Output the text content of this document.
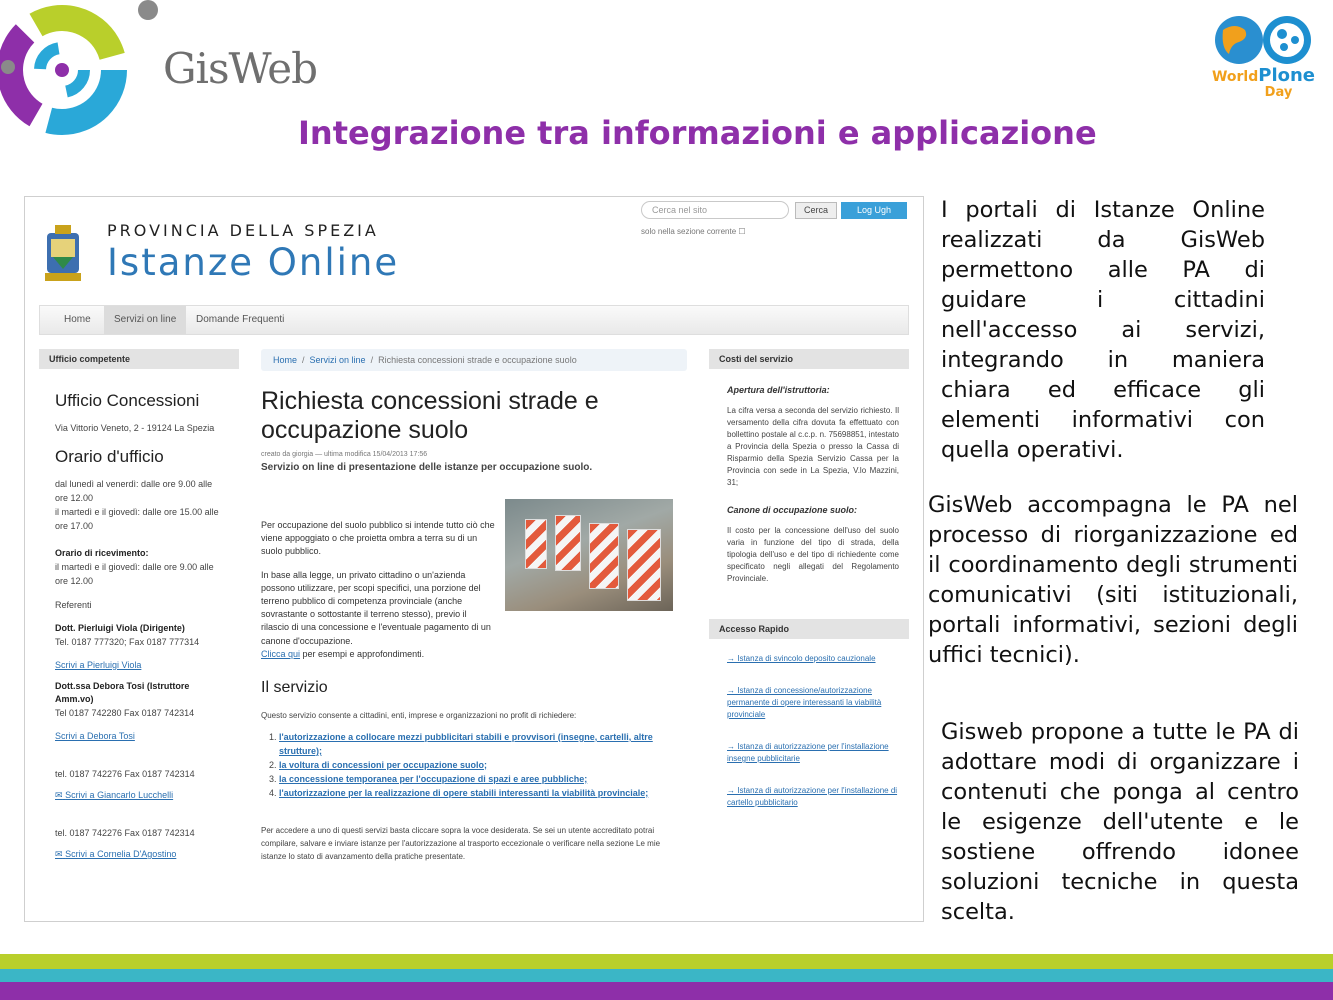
GisWeb	WorldPlone
Day
Integrazione tra informazioni e applicazione
PROVINCIA DELLA SPEZIA
Istanze Online
Cerca nel sito	Cerca	Log Ugh
solo nella sezione corrente ☐
Home	Servizi on line	Domande Frequenti
Ufficio competente
Ufficio Concessioni
Via Vittorio Veneto, 2 - 19124 La Spezia
Orario d'ufficio
dal lunedì al venerdì: dalle ore 9.00 alle ore 12.00
il martedì e il giovedì: dalle ore 15.00 alle ore 17.00
Orario di ricevimento:
il martedì e il giovedì: dalle ore 9.00 alle ore 12.00
Referenti
Dott. Pierluigi Viola (Dirigente)
Tel. 0187 777320; Fax 0187 777314
Scrivi a Pierluigi Viola
Dott.ssa Debora Tosi (Istruttore Amm.vo)
Tel 0187 742280 Fax 0187 742314
Scrivi a Debora Tosi
tel. 0187 742276 Fax 0187 742314
✉ Scrivi a Giancarlo Lucchelli
tel. 0187 742276 Fax 0187 742314
✉ Scrivi a Cornelia D'Agostino
Home  /  Servizi on line  /  Richiesta concessioni strade e occupazione suolo
Richiesta concessioni strade e occupazione suolo
creato da giorgia — ultima modifica 15/04/2013 17:56
Servizio on line di presentazione delle istanze per occupazione suolo.
Per occupazione del suolo pubblico si intende tutto ciò che viene appoggiato o che proietta ombra a terra su di un suolo pubblico.
In base alla legge, un privato cittadino o un'azienda possono utilizzare, per scopi specifici, una porzione del terreno pubblico di competenza provinciale (anche sovrastante o sottostante il terreno stesso), previo il rilascio di una concessione e l'eventuale pagamento di un canone d'occupazione.
Clicca qui per esempi e approfondimenti.
Il servizio
Questo servizio consente a cittadini, enti, imprese e organizzazioni no profit di richiedere:
1. l'autorizzazione a collocare mezzi pubblicitari stabili e provvisori (insegne, cartelli, altre strutture);
2. la voltura di concessioni per occupazione suolo;
3. la concessione temporanea per l'occupazione di spazi e aree pubbliche;
4. l'autorizzazione per la realizzazione di opere stabili interessanti la viabilità provinciale;
Per accedere a uno di questi servizi basta cliccare sopra la voce desiderata. Se sei un utente accreditato potrai compilare, salvare e inviare istanze per l'autorizzazione al trasporto eccezionale o verificare nella sezione Le mie istanze lo stato di avanzamento della pratiche presentate.
Costi del servizio
Apertura dell'istruttoria:
La cifra versa a seconda del servizio richiesto. Il versamento della cifra dovuta fa effettuato con bollettino postale al c.c.p. n. 75698851, intestato a Provincia della Spezia o presso la Cassa di Risparmio della Spezia Servizio Cassa per la Provincia con sede in La Spezia, V.lo Mazzini, 31;
Canone di occupazione suolo:
Il costo per la concessione dell'uso del suolo varia in funzione del tipo di strada, della tipologia dell'uso e del tipo di richiedente come specificato negli allegati del Regolamento Provinciale.
Accesso Rapido
→ Istanza di svincolo deposito cauzionale
→ Istanza di concessione/autorizzazione permanente di opere interessanti la viabilità provinciale
→ Istanza di autorizzazione per l'installazione insegne pubblicitarie
→ Istanza di autorizzazione per l'installazione di cartello pubblicitario
I portali di Istanze Online realizzati da GisWeb permettono alle PA di guidare i cittadini nell'accesso ai servizi, integrando in maniera chiara ed efficace gli elementi informativi con quella operativi.
GisWeb accompagna le PA nel processo di riorganizzazione ed il coordinamento degli strumenti comunicativi (siti istituzionali, portali informativi, sezioni degli uffici tecnici).
Gisweb propone a tutte le PA di adottare modi di organizzare i contenuti che ponga al centro le esigenze dell'utente e le sostiene offrendo idonee soluzioni tecniche in questa scelta.
